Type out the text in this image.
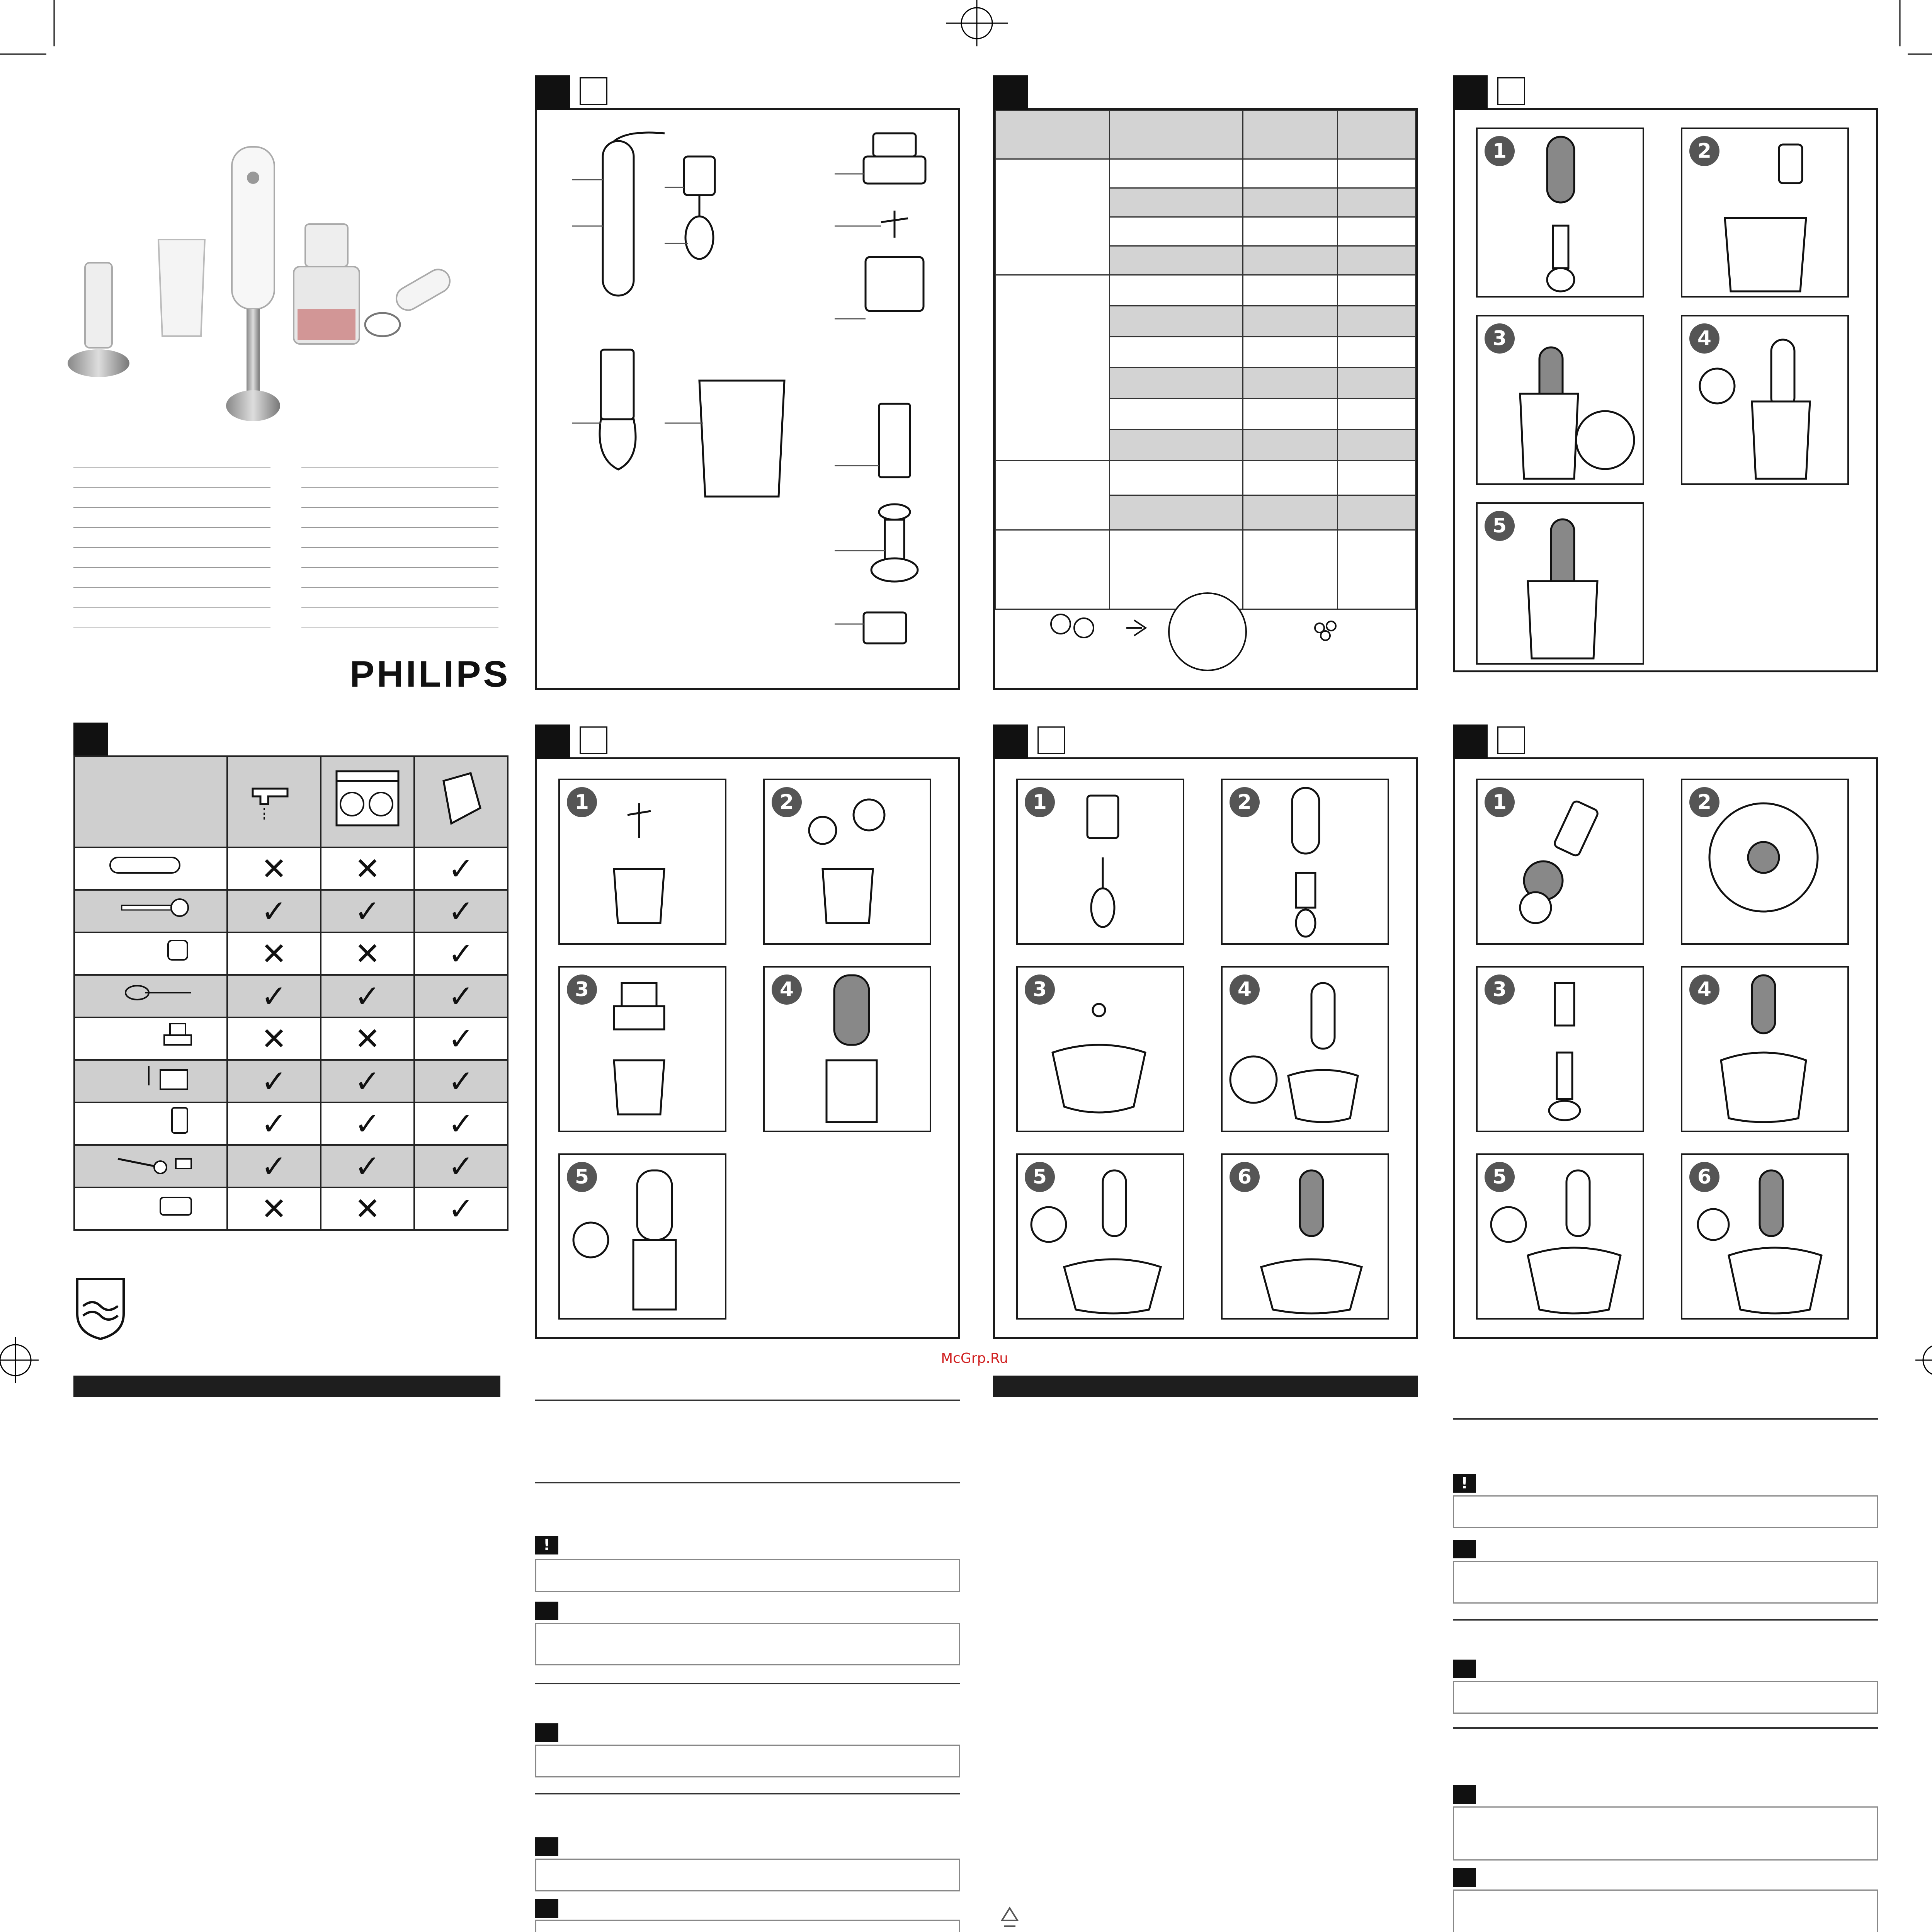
PHILIPS

	✕	✕	✓
	✓	✓	✓
	✕	✕	✓
	✓	✓	✓
	✕	✕	✓
	✓	✓	✓
	✓	✓	✓
	✓	✓	✓
	✕	✕	✓

1	2
3	4
5
!

1	2
3	4
5	6
McGrp.Ru

1	2
3	4
5
1	2
3	4
5	6
!
